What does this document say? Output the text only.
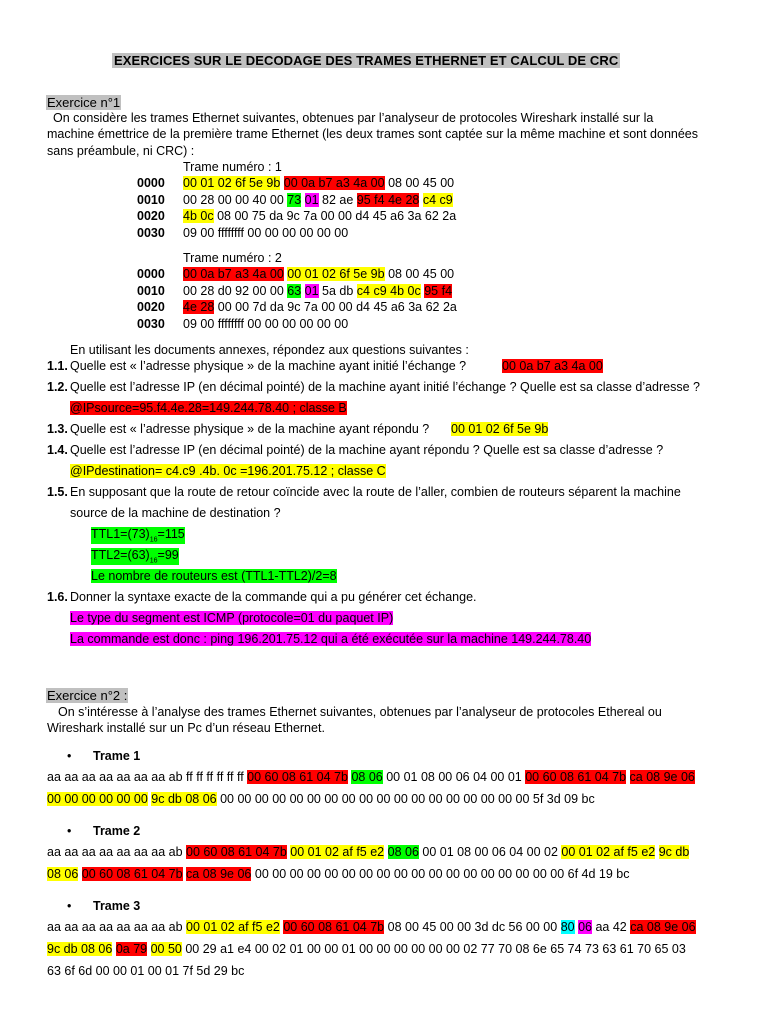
EXERCICES SUR LE DECODAGE DES TRAMES ETHERNET ET CALCUL DE CRC
Exercice n°1
On considère les trames Ethernet suivantes, obtenues par l’analyseur de protocoles Wireshark installé sur la
machine émettrice de la première trame Ethernet (les deux trames sont captée sur la même machine et sont données
sans préambule, ni CRC) :
Trame numéro : 1
0000 00 01 02 6f 5e 9b 00 0a b7 a3 4a 00 08 00 45 00
0010 00 28 00 00 40 00 73 01 82 ae 95 f4 4e 28 c4 c9
0020 4b 0c 08 00 75 da 9c 7a 00 00 d4 45 a6 3a 62 2a
0030 09 00 ffffffff 00 00 00 00 00 00
Trame numéro : 2
0000 00 0a b7 a3 4a 00 00 01 02 6f 5e 9b 08 00 45 00
0010 00 28 d0 92 00 00 63 01 5a db c4 c9 4b 0c 95 f4
0020 4e 28 00 00 7d da 9c 7a 00 00 d4 45 a6 3a 62 2a
0030 09 00 ffffffff 00 00 00 00 00 00
En utilisant les documents annexes, répondez aux questions suivantes :
1.1. Quelle est « l’adresse physique » de la machine ayant initié l’échange ?	00 0a b7 a3 4a 00
1.2. Quelle est l’adresse IP (en décimal pointé) de la machine ayant initié l’échange ? Quelle est sa classe d’adresse ?
@IPsource=95.f4.4e.28=149.244.78.40 ; classe B
1.3. Quelle est « l’adresse physique » de la machine ayant répondu ? 00 01 02 6f 5e 9b
1.4. Quelle est l’adresse IP (en décimal pointé) de la machine ayant répondu ? Quelle est sa classe d’adresse ?
@IPdestination= c4.c9 .4b. 0c =196.201.75.12 ; classe C
1.5. En supposant que la route de retour coïncide avec la route de l’aller, combien de routeurs séparent la machine
source de la machine de destination ?
$TTL1=(73)_{16}=115$
$TTL2=(63)_{16}=99$
Le nombre de routeurs est (TTL1-TTL2)/2=8
1.6. Donner la syntaxe exacte de la commande qui a pu générer cet échange.
Le type du segment est ICMP (protocole=01 du paquet IP)
La commande est donc : ping 196.201.75.12 qui a été exécutée sur la machine 149.244.78.40
Exercice n°2 :
On s’intéresse à l’analyse des trames Ethernet suivantes, obtenues par l’analyseur de protocoles Ethereal ou
Wireshark installé sur un Pc d’un réseau Ethernet.
• Trame 1
aa aa aa aa aa aa aa ab ff ff ff ff ff ff 00 60 08 61 04 7b 08 06 00 01 08 00 06 04 00 01 00 60 08 61 04 7b ca 08 9e 06
00 00 00 00 00 00 9c db 08 06 00 00 00 00 00 00 00 00 00 00 00 00 00 00 00 00 00 00 5f 3d 09 bc
• Trame 2
aa aa aa aa aa aa aa ab 00 60 08 61 04 7b 00 01 02 af f5 e2 08 06 00 01 08 00 06 04 00 02 00 01 02 af f5 e2 9c db
08 06 00 60 08 61 04 7b ca 08 9e 06 00 00 00 00 00 00 00 00 00 00 00 00 00 00 00 00 00 00 6f 4d 19 bc
• Trame 3
aa aa aa aa aa aa aa ab 00 01 02 af f5 e2 00 60 08 61 04 7b 08 00 45 00 00 3d dc 56 00 00 80 06 aa 42 ca 08 9e 06
9c db 08 06 0a 79 00 50 00 29 a1 e4 00 02 01 00 00 01 00 00 00 00 00 00 02 77 70 08 6e 65 74 73 63 61 70 65 03
63 6f 6d 00 00 01 00 01 7f 5d 29 bc
